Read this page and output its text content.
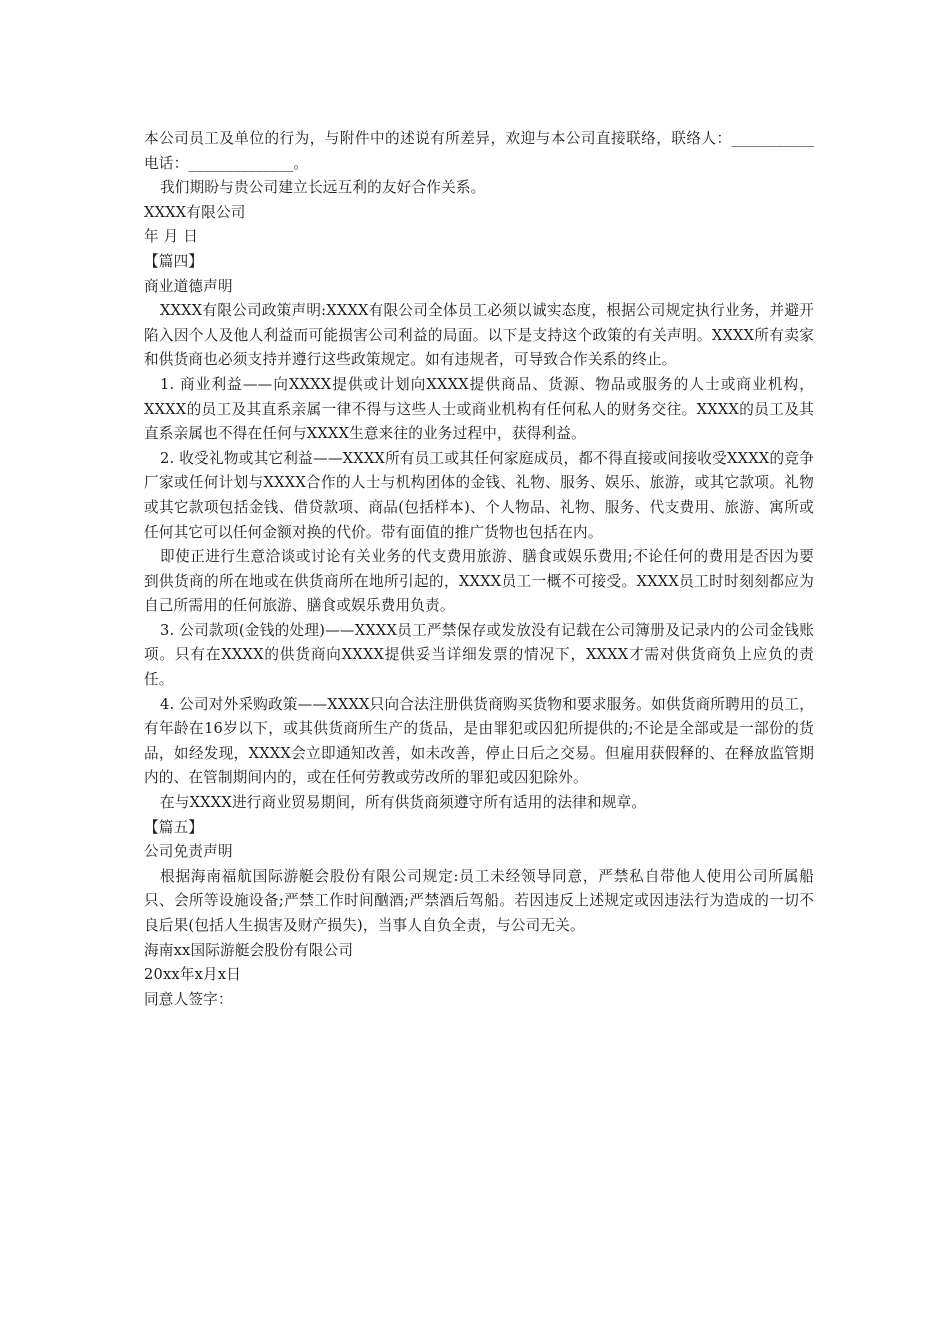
本公司员工及单位的行为，与附件中的述说有所差异，欢迎与本公司直接联络，联络人：___________ 电话：______________。

我们期盼与贵公司建立长远互利的友好合作关系。

XXXX有限公司

年 月 日

【篇四】

商业道德声明

XXXX有限公司政策声明:XXXX有限公司全体员工必须以诚实态度，根据公司规定执行业务，并避开陷入因个人及他人利益而可能损害公司利益的局面。以下是支持这个政策的有关声明。XXXX所有卖家和供货商也必须支持并遵行这些政策规定。如有违规者，可导致合作关系的终止。

1. 商业利益——向XXXX提供或计划向XXXX提供商品、货源、物品或服务的人士或商业机构，XXXX的员工及其直系亲属一律不得与这些人士或商业机构有任何私人的财务交往。XXXX的员工及其直系亲属也不得在任何与XXXX生意来往的业务过程中，获得利益。

2. 收受礼物或其它利益——XXXX所有员工或其任何家庭成员，都不得直接或间接收受XXXX的竞争厂家或任何计划与XXXX合作的人士与机构团体的金钱、礼物、服务、娱乐、旅游，或其它款项。礼物或其它款项包括金钱、借贷款项、商品(包括样本)、个人物品、礼物、服务、代支费用、旅游、寓所或任何其它可以任何金额对换的代价。带有面值的推广货物也包括在内。

即使正进行生意洽谈或讨论有关业务的代支费用旅游、膳食或娱乐费用;不论任何的费用是否因为要到供货商的所在地或在供货商所在地所引起的，XXXX员工一概不可接受。XXXX员工时时刻刻都应为自己所需用的任何旅游、膳食或娱乐费用负责。

3. 公司款项(金钱的处理)——XXXX员工严禁保存或发放没有记载在公司簿册及记录内的公司金钱账项。只有在XXXX的供货商向XXXX提供妥当详细发票的情况下，XXXX才需对供货商负上应负的责任。

4. 公司对外采购政策——XXXX只向合法注册供货商购买货物和要求服务。如供货商所聘用的员工，有年龄在16岁以下，或其供货商所生产的货品，是由罪犯或囚犯所提供的;不论是全部或是一部份的货品，如经发现，XXXX会立即通知改善，如未改善，停止日后之交易。但雇用获假释的、在释放监管期内的、在管制期间内的，或在任何劳教或劳改所的罪犯或囚犯除外。

在与XXXX进行商业贸易期间，所有供货商须遵守所有适用的法律和规章。

【篇五】

公司免责声明

根据海南福航国际游艇会股份有限公司规定:员工未经领导同意，严禁私自带他人使用公司所属船只、会所等设施设备;严禁工作时间酗酒;严禁酒后驾船。若因违反上述规定或因违法行为造成的一切不良后果(包括人生损害及财产损失)，当事人自负全责，与公司无关。

海南xx国际游艇会股份有限公司

20xx年x月x日

同意人签字：
